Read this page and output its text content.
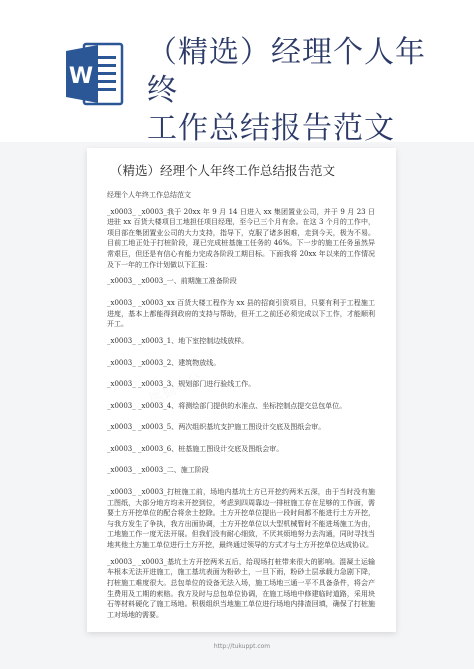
W
（精选）经理个人年终
工作总结报告范文
（精选）经理个人年终工作总结报告范文

经理个人年终工作总结范文

_x0003_ _x0003_我于 20xx 年 9 月 14 日进入 xx 集团置业公司，并于 9 月 23 日进驻 xx 百货大楼项目工地担任项目经理，至今已三个月有余。在这 3 个月的工作中，项目部在集团置业公司的大力支持，指导下，克服了诸多困难，走到今天，极为不易。目前工地正处于打桩阶段，现已完成桩基施工任务的 46%。下一步的施工任务虽然异常艰巨，但还是有信心有能力完成各阶段工期目标。下面我将 20xx 年以来的工作情况及下一年的工作计划做以下汇报：

_x0003_ _x0003_一、前期施工准备阶段

_x0003_ _x0003_xx 百货大楼工程作为 xx 县的招商引资项目，只要有利于工程施工进度，基本上都能得到政府的支持与帮助，但开工之前还必须完成以下工作，才能顺利开工。

_x0003_ _x0003_1、地下室控制边线放样。

_x0003_ _x0003_2、建筑物放线。

_x0003_ _x0003_3、规划部门进行验线工作。

_x0003_ _x0003_4、将测绘部门提供的水准点、坐标控制点提交总包单位。

_x0003_ _x0003_5、两次组织基坑支护施工图设计交底及图纸会审。

_x0003_ _x0003_6、桩基施工图设计交底及图纸会审。

_x0003_ _x0003_二、施工阶段

_x0003_ _x0003_打桩施工前，场地内基坑土方已开挖约两米五深，由于当时没有施工图纸，大部分地方均未开挖到位，考虑到四周靠边一排桩施工存在足够的工作面，需要土方开挖单位的配合将余土挖除。土方开挖单位提出一段时间都不能进行土方开挖，与我方发生了争执，我方出面协调，土方开挖单位以大型机械暂时不能进场施工为由，工地施工作一度无法开展。但我们没有耐心细致，不厌其烦地努力去沟通，同时寻找当地其他土方施工单位进行土方开挖，最终通过领导的方式才与土方开挖单位达成协议。

_x0003_ _x0003_基坑土方开挖两米五后，给现场打桩带来很大的影响。混凝土运输车根本无法开进施工，施工基坑表面为粉砂土，一旦下雨，粉砂土层承载力急剧下降，打桩施工难度很大。总包单位的设备无法入场，施工场地三通一平不具备条件，将会产生费用及工期的索赔。我方及时与总包单位协调，在施工场地中修建临时道路，采用块石等材料硬化了施工场地。积极组织当地施工单位进行场地内排渣回填，确保了打桩施工对场地的需要。

http://tukuppt.com
